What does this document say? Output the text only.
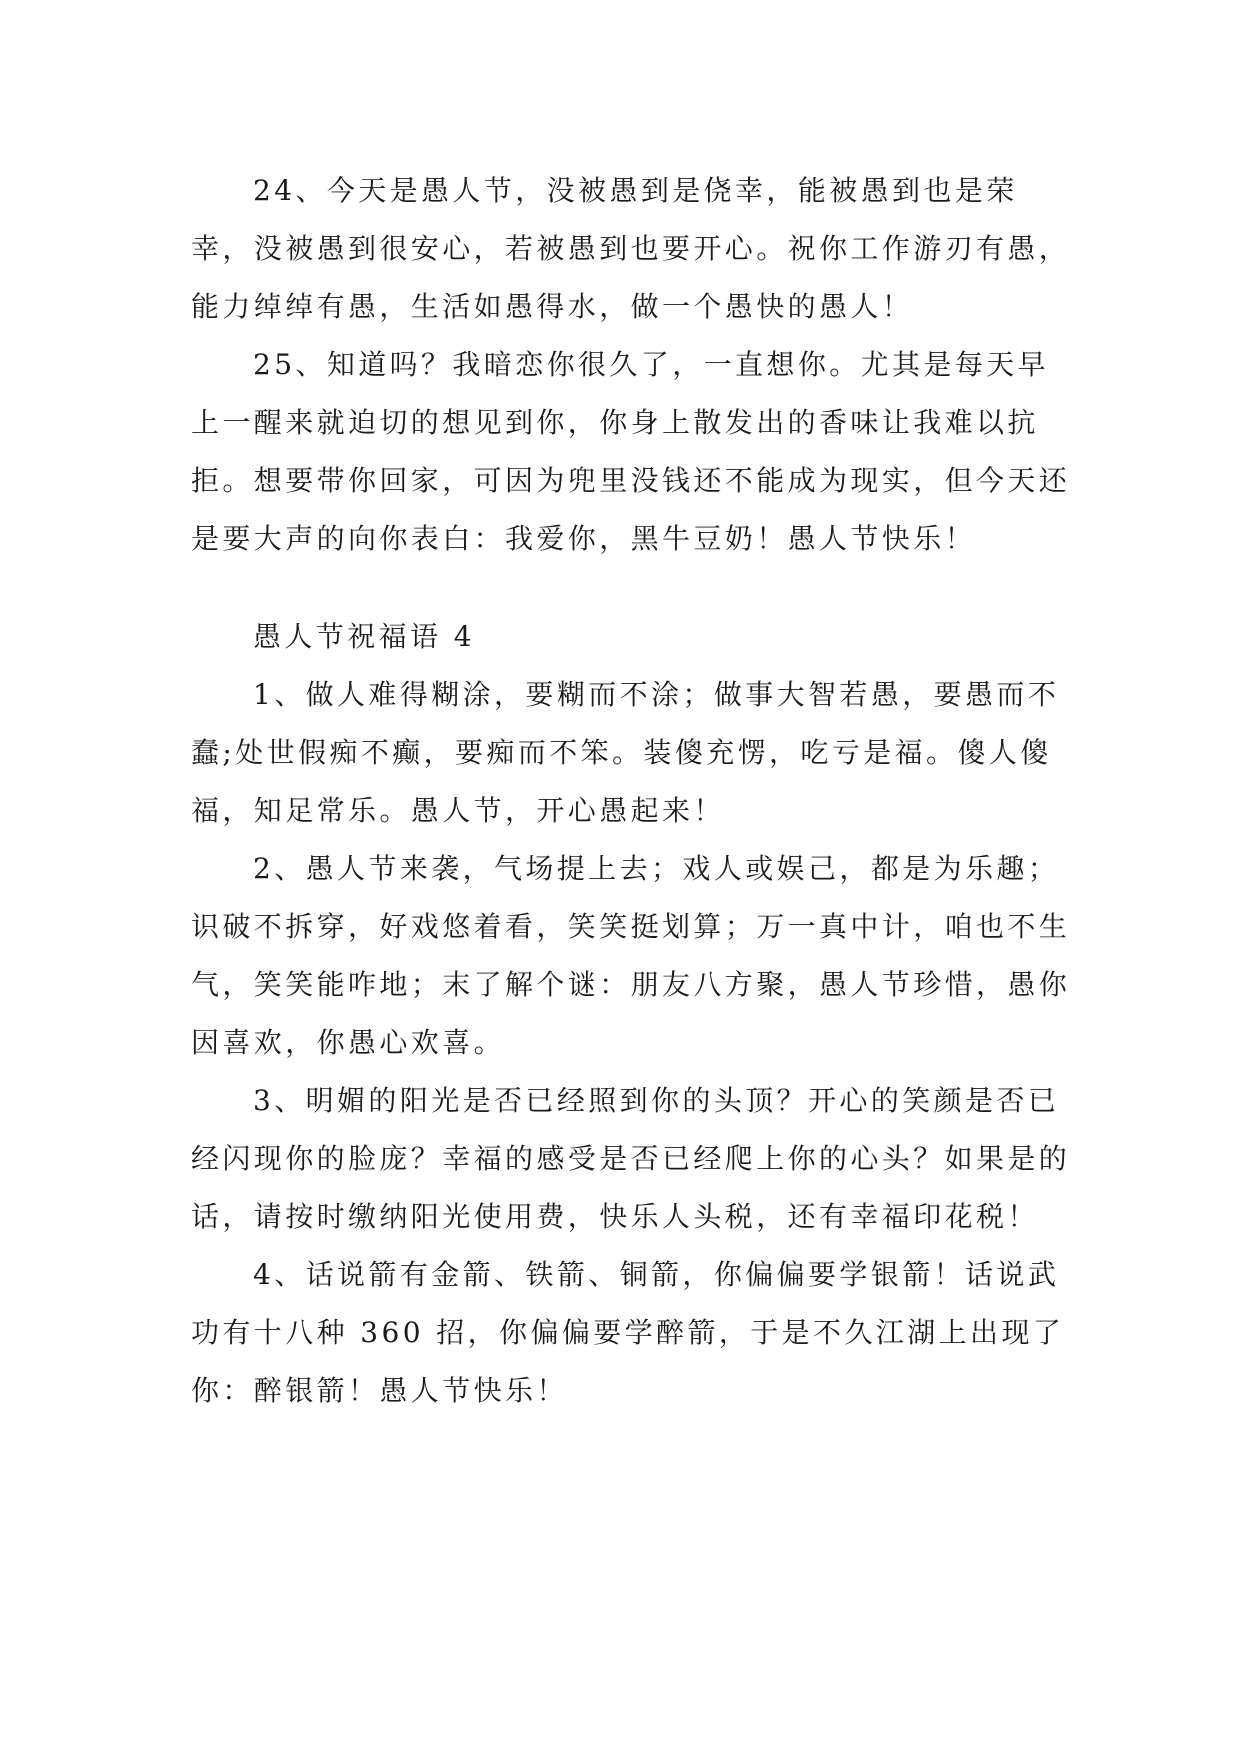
24、今天是愚人节，没被愚到是侥幸，能被愚到也是荣幸，没被愚到很安心，若被愚到也要开心。祝你工作游刃有愚，能力绰绰有愚，生活如愚得水，做一个愚快的愚人！

25、知道吗？我暗恋你很久了，一直想你。尤其是每天早上一醒来就迫切的想见到你，你身上散发出的香味让我难以抗拒。想要带你回家，可因为兜里没钱还不能成为现实，但今天还是要大声的向你表白：我爱你，黑牛豆奶！愚人节快乐！

愚人节祝福语 4

1、做人难得糊涂，要糊而不涂；做事大智若愚，要愚而不蠢;处世假痴不癫，要痴而不笨。装傻充愣，吃亏是福。傻人傻福，知足常乐。愚人节，开心愚起来！

2、愚人节来袭，气场提上去；戏人或娱己，都是为乐趣；识破不拆穿，好戏悠着看，笑笑挺划算；万一真中计，咱也不生气，笑笑能咋地；末了解个谜：朋友八方聚，愚人节珍惜，愚你因喜欢，你愚心欢喜。

3、明媚的阳光是否已经照到你的头顶？开心的笑颜是否已经闪现你的脸庞？幸福的感受是否已经爬上你的心头？如果是的话，请按时缴纳阳光使用费，快乐人头税，还有幸福印花税！

4、话说箭有金箭、铁箭、铜箭，你偏偏要学银箭！话说武功有十八种 360 招，你偏偏要学醉箭，于是不久江湖上出现了你：醉银箭！愚人节快乐！
